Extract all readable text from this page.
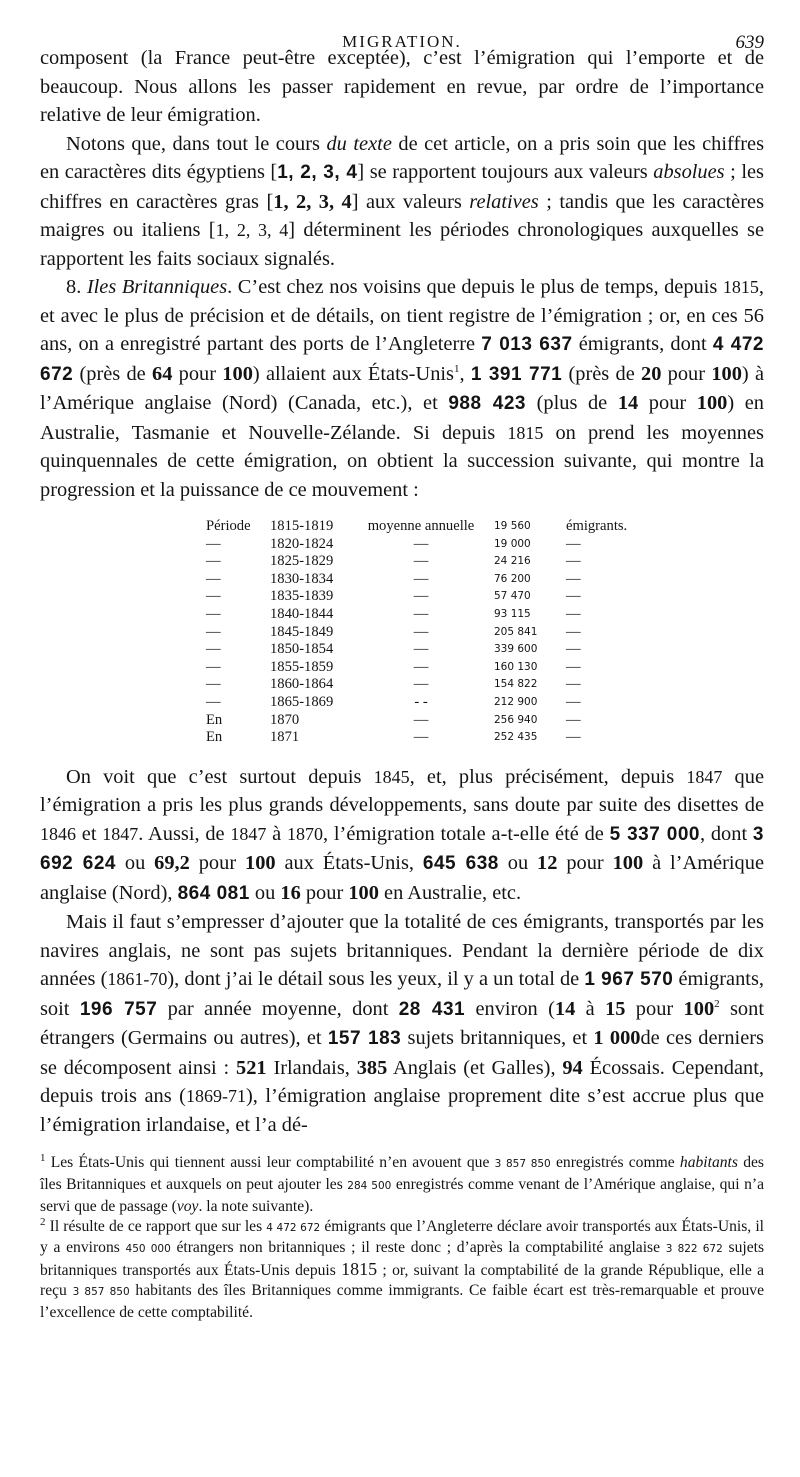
MIGRATION.	639

composent (la France peut-être exceptée), c’est l’émigration qui l’emporte et de beaucoup. Nous allons les passer rapidement en revue, par ordre de l’importance relative de leur émigration.

Notons que, dans tout le cours du texte de cet article, on a pris soin que les chiffres en caractères dits égyptiens [1, 2, 3, 4] se rapportent toujours aux valeurs absolues ; les chiffres en caractères gras [1, 2, 3, 4] aux valeurs relatives ; tandis que les caractères maigres ou italiens [1, 2, 3, 4] déterminent les périodes chronologiques auxquelles se rapportent les faits sociaux signalés.

8. Iles Britanniques. C’est chez nos voisins que depuis le plus de temps, depuis 1815, et avec le plus de précision et de détails, on tient registre de l’émigration ; or, en ces 56 ans, on a enregistré partant des ports de l’Angleterre 7 013 637 émigrants, dont 4 472 672 (près de 64 pour 100) allaient aux États-Unis$^1$, 1 391 771 (près de 20 pour 100) à l’Amérique anglaise (Nord) (Canada, etc.), et 988 423 (plus de 14 pour 100) en Australie, Tasmanie et Nouvelle-Zélande. Si depuis 1815 on prend les moyennes quinquennales de cette émigration, on obtient la succession suivante, qui montre la progression et la puissance de ce mouvement :

Période	1815-1819	moyenne annuelle	19 560	émigrants.
—	1820-1824	—	19 000	—
—	1825-1829	—	24 216	—
—	1830-1834	—	76 200	—
—	1835-1839	—	57 470	—
—	1840-1844	—	93 115	—
—	1845-1849	—	205 841	—
—	1850-1854	—	339 600	—
—	1855-1859	—	160 130	—
—	1860-1864	—	154 822	—
—	1865-1869	- -	212 900	—
En	1870	—	256 940	—
En	1871	—	252 435	—

On voit que c’est surtout depuis 1845, et, plus précisément, depuis 1847 que l’émigration a pris les plus grands développements, sans doute par suite des disettes de 1846 et 1847. Aussi, de 1847 à 1870, l’émigration totale a-t-elle été de 5 337 000, dont 3 692 624 ou 69,2 pour 100 aux États-Unis, 645 638 ou 12 pour 100 à l’Amérique anglaise (Nord), 864 081 ou 16 pour 100 en Australie, etc.

Mais il faut s’empresser d’ajouter que la totalité de ces émigrants, transportés par les navires anglais, ne sont pas sujets britanniques. Pendant la dernière période de dix années (1861-70), dont j’ai le détail sous les yeux, il y a un total de 1 967 570 émigrants, soit 196 757 par année moyenne, dont 28 431 environ (14 à 15 pour $100^2$ sont étrangers (Germains ou autres), et 157 183 sujets britanniques, et 1 000de ces derniers se décomposent ainsi : 521 Irlandais, 385 Anglais (et Galles), 94 Écossais. Cependant, depuis trois ans (1869-71), l’émigration anglaise proprement dite s’est accrue plus que l’émigration irlandaise, et l’a dé-

$^1$ Les États-Unis qui tiennent aussi leur comptabilité n’en avouent que 3 857 850 enregistrés comme habitants des îles Britanniques et auxquels on peut ajouter les 284 500 enregistrés comme venant de l’Amérique anglaise, qui n’a servi que de passage (voy. la note suivante).

$^2$ Il résulte de ce rapport que sur les 4 472 672 émigrants que l’Angleterre déclare avoir transportés aux États-Unis, il y a environs 450 000 étrangers non britanniques ; il reste donc ; d’après la comptabilité anglaise 3 822 672 sujets britanniques transportés aux États-Unis depuis 1815 ; or, suivant la comptabilité de la grande République, elle a reçu 3 857 850 habitants des îles Britanniques comme immigrants. Ce faible écart est très-remarquable et prouve l’excellence de cette comptabilité.
